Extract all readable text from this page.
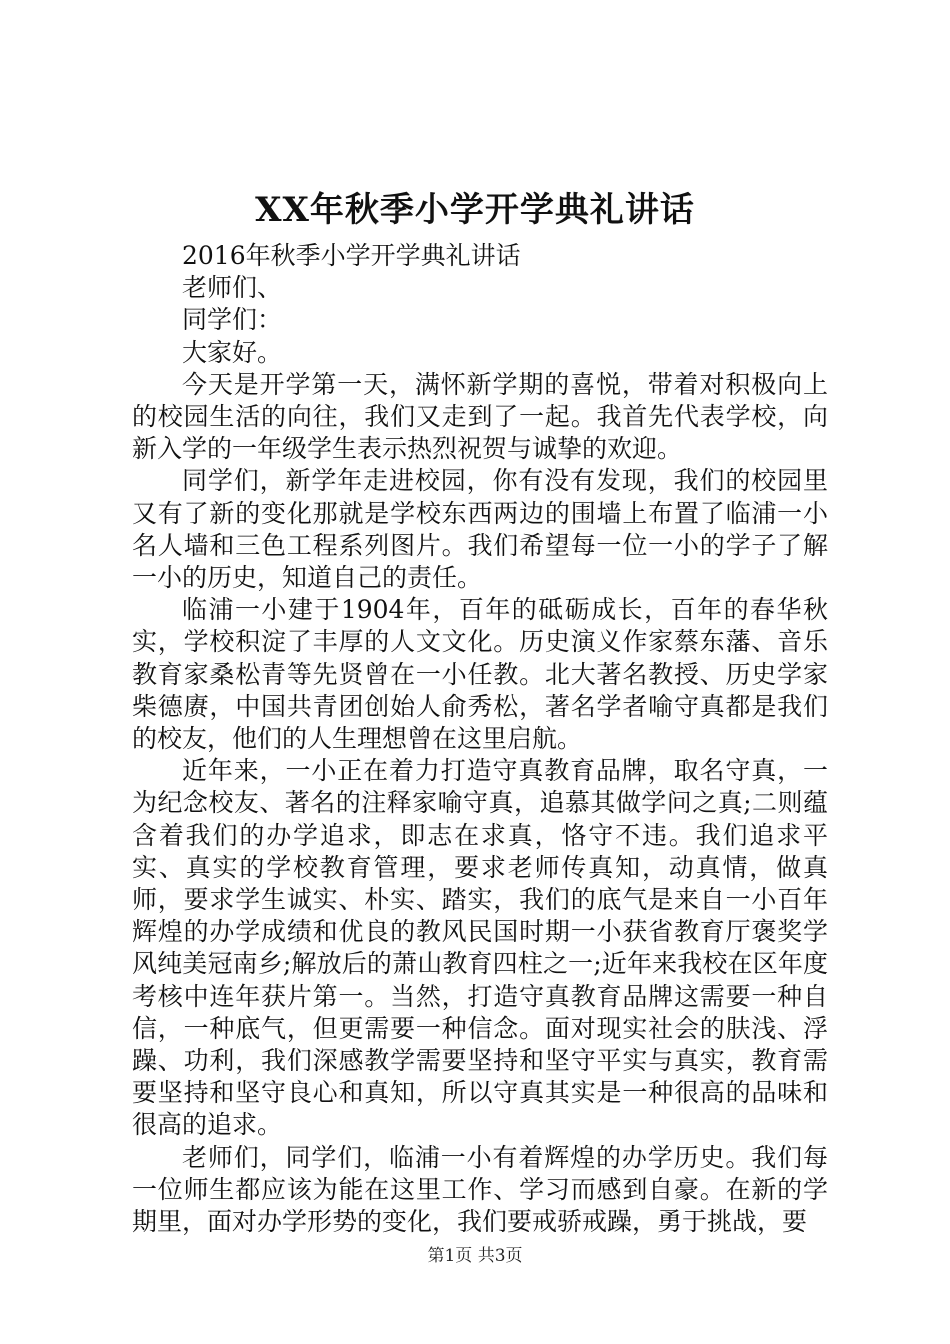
XX年秋季小学开学典礼讲话

2016年秋季小学开学典礼讲话

老师们、

同学们：

大家好。

今天是开学第一天，满怀新学期的喜悦，带着对积极向上的校园生活的向往，我们又走到了一起。我首先代表学校，向新入学的一年级学生表示热烈祝贺与诚挚的欢迎。

同学们，新学年走进校园，你有没有发现，我们的校园里又有了新的变化那就是学校东西两边的围墙上布置了临浦一小名人墙和三色工程系列图片。我们希望每一位一小的学子了解一小的历史，知道自己的责任。

临浦一小建于1904年，百年的砥砺成长，百年的春华秋实，学校积淀了丰厚的人文文化。历史演义作家蔡东藩、音乐教育家桑松青等先贤曾在一小任教。北大著名教授、历史学家柴德赓，中国共青团创始人俞秀松，著名学者喻守真都是我们的校友，他们的人生理想曾在这里启航。

近年来，一小正在着力打造守真教育品牌，取名守真，一为纪念校友、著名的注释家喻守真，追慕其做学问之真;二则蕴含着我们的办学追求，即志在求真，恪守不违。我们追求平实、真实的学校教育管理，要求老师传真知，动真情，做真师，要求学生诚实、朴实、踏实，我们的底气是来自一小百年辉煌的办学成绩和优良的教风民国时期一小获省教育厅褒奖学风纯美冠南乡;解放后的萧山教育四柱之一;近年来我校在区年度考核中连年获片第一。当然，打造守真教育品牌这需要一种自信，一种底气，但更需要一种信念。面对现实社会的肤浅、浮躁、功利，我们深感教学需要坚持和坚守平实与真实，教育需要坚持和坚守良心和真知，所以守真其实是一种很高的品味和很高的追求。

老师们，同学们，临浦一小有着辉煌的办学历史。我们每一位师生都应该为能在这里工作、学习而感到自豪。在新的学期里，面对办学形势的变化，我们要戒骄戒躁，勇于挑战，要

第1页 共3页
